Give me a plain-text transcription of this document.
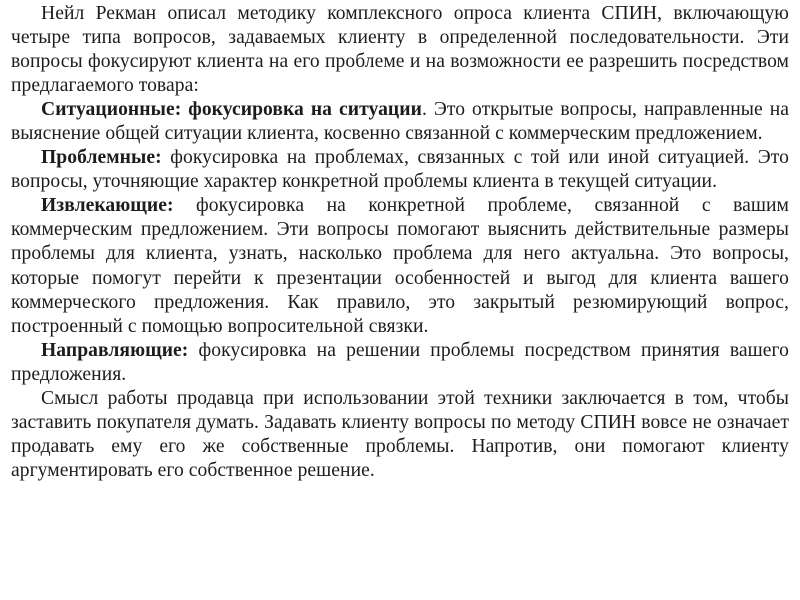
Нейл Рекман описал методику комплексного опроса клиента СПИН, включающую четыре типа вопросов, задаваемых клиенту в определенной последовательности. Эти вопросы фокусируют клиента на его проблеме и на возможности ее разрешить посредством предлагаемого товара:

Ситуационные: фокусировка на ситуации. Это открытые вопросы, направленные на выяснение общей ситуации клиента, косвенно связанной с коммерческим предложением.

Проблемные: фокусировка на проблемах, связанных с той или иной ситуацией. Это вопросы, уточняющие характер конкретной проблемы клиента в текущей ситуации.

Извлекающие: фокусировка на конкретной проблеме, связанной с вашим коммерческим предложением. Эти вопросы помогают выяснить действительные размеры проблемы для клиента, узнать, насколько проблема для него актуальна. Это вопросы, которые помогут перейти к презентации особенностей и выгод для клиента вашего коммерческого предложения. Как правило, это закрытый резюмирующий вопрос, построенный с помощью вопросительной связки.

Направляющие: фокусировка на решении проблемы посредством принятия вашего предложения.

Смысл работы продавца при использовании этой техники заключается в том, чтобы заставить покупателя думать. Задавать клиенту вопросы по методу СПИН вовсе не означает продавать ему его же собственные проблемы. Напротив, они помогают клиенту аргументировать его собственное решение.
